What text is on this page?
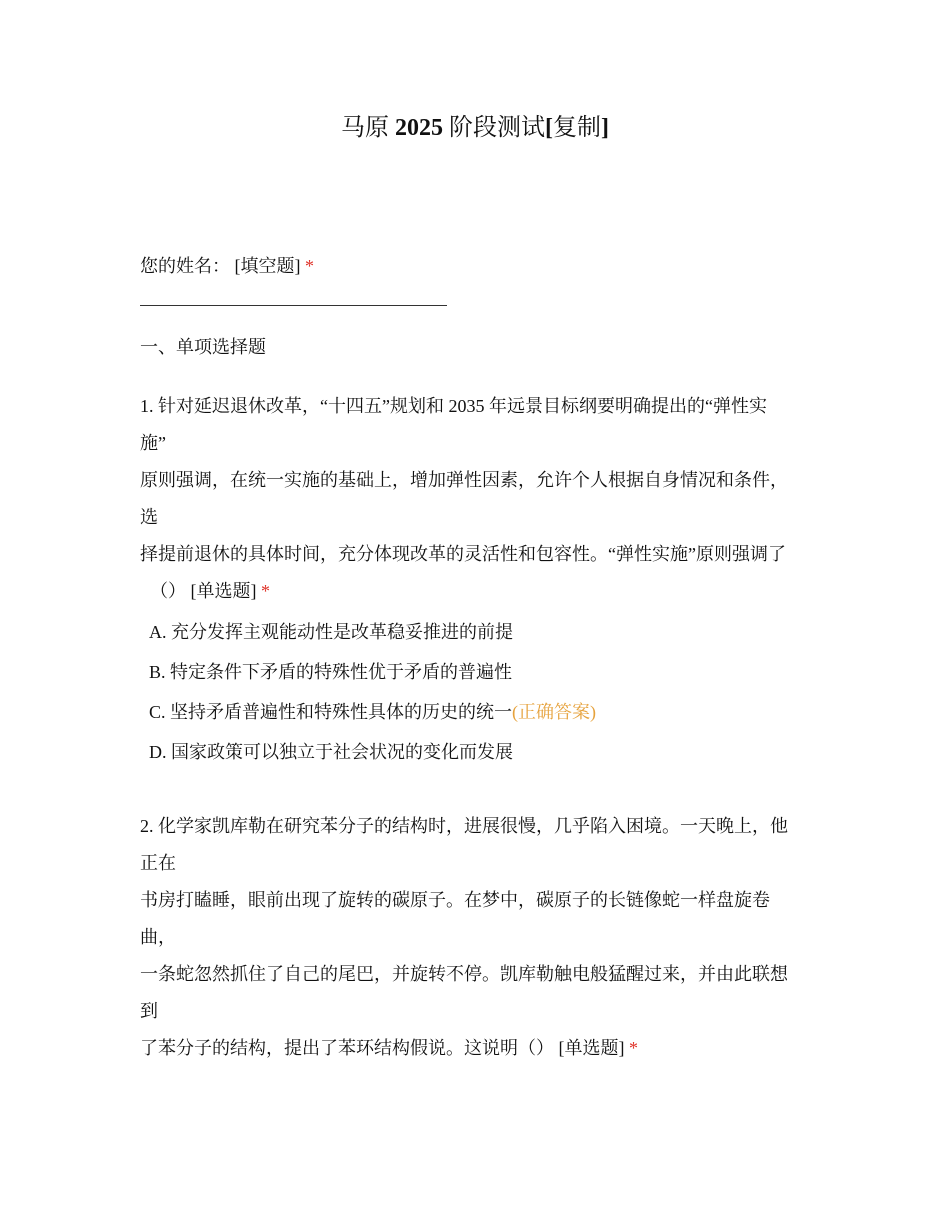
马原 2025 阶段测试[复制]
您的姓名： [填空题] *
一、单项选择题
1. 针对延迟退休改革，“十四五”规划和 2035 年远景目标纲要明确提出的“弹性实
施”
原则强调，在统一实施的基础上，增加弹性因素，允许个人根据自身情况和条件，
选
择提前退休的具体时间，充分体现改革的灵活性和包容性。“弹性实施”原则强调了
（） [单选题] *
A. 充分发挥主观能动性是改革稳妥推进的前提
B. 特定条件下矛盾的特殊性优于矛盾的普遍性
C. 坚持矛盾普遍性和特殊性具体的历史的统一(正确答案)
D. 国家政策可以独立于社会状况的变化而发展
2. 化学家凯库勒在研究苯分子的结构时，进展很慢，几乎陷入困境。一天晚上，他
正在
书房打瞌睡，眼前出现了旋转的碳原子。在梦中，碳原子的长链像蛇一样盘旋卷
曲，
一条蛇忽然抓住了自己的尾巴，并旋转不停。凯库勒触电般猛醒过来，并由此联想
到
了苯分子的结构，提出了苯环结构假说。这说明（） [单选题] *
